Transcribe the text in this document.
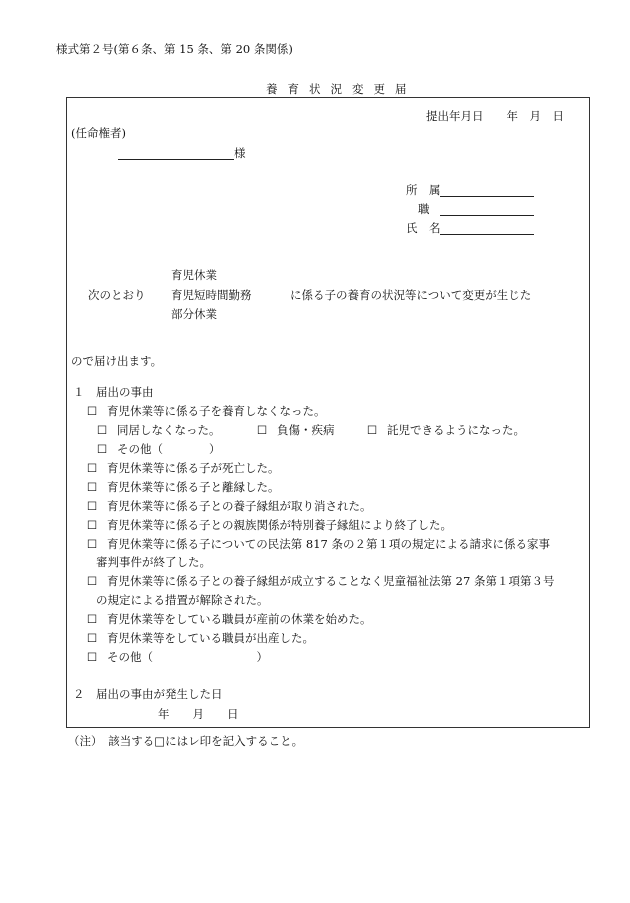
様式第２号(第６条、第 15 条、第 20 条関係)
養 育 状 況 変 更 届
提出年月日　　年　月　日
(任命権者)
様
所　属
職
氏　名
育児休業
次のとおり 育児短時間勤務	に係る子の養育の状況等について変更が生じた
部分休業
ので届け出ます。
１　届出の事由
☐ 育児休業等に係る子を養育しなくなった。
☐ 同居しなくなった。	☐ 負傷・疾病	☐ 託児できるようになった。
☐ その他（　　　　）
☐ 育児休業等に係る子が死亡した。
☐ 育児休業等に係る子と離縁した。
☐ 育児休業等に係る子との養子縁組が取り消された。
☐ 育児休業等に係る子との親族関係が特別養子縁組により終了した。
☐ 育児休業等に係る子についての民法第 817 条の２第１項の規定による請求に係る家事
審判事件が終了した。
☐ 育児休業等に係る子との養子縁組が成立することなく児童福祉法第 27 条第１項第３号
の規定による措置が解除された。
☐ 育児休業等をしている職員が産前の休業を始めた。
☐ 育児休業等をしている職員が出産した。
☐ その他（　　　　　　　　　）
２　届出の事由が発生した日
年　　月　　日
（注）　該当する□にはレ印を記入すること。
